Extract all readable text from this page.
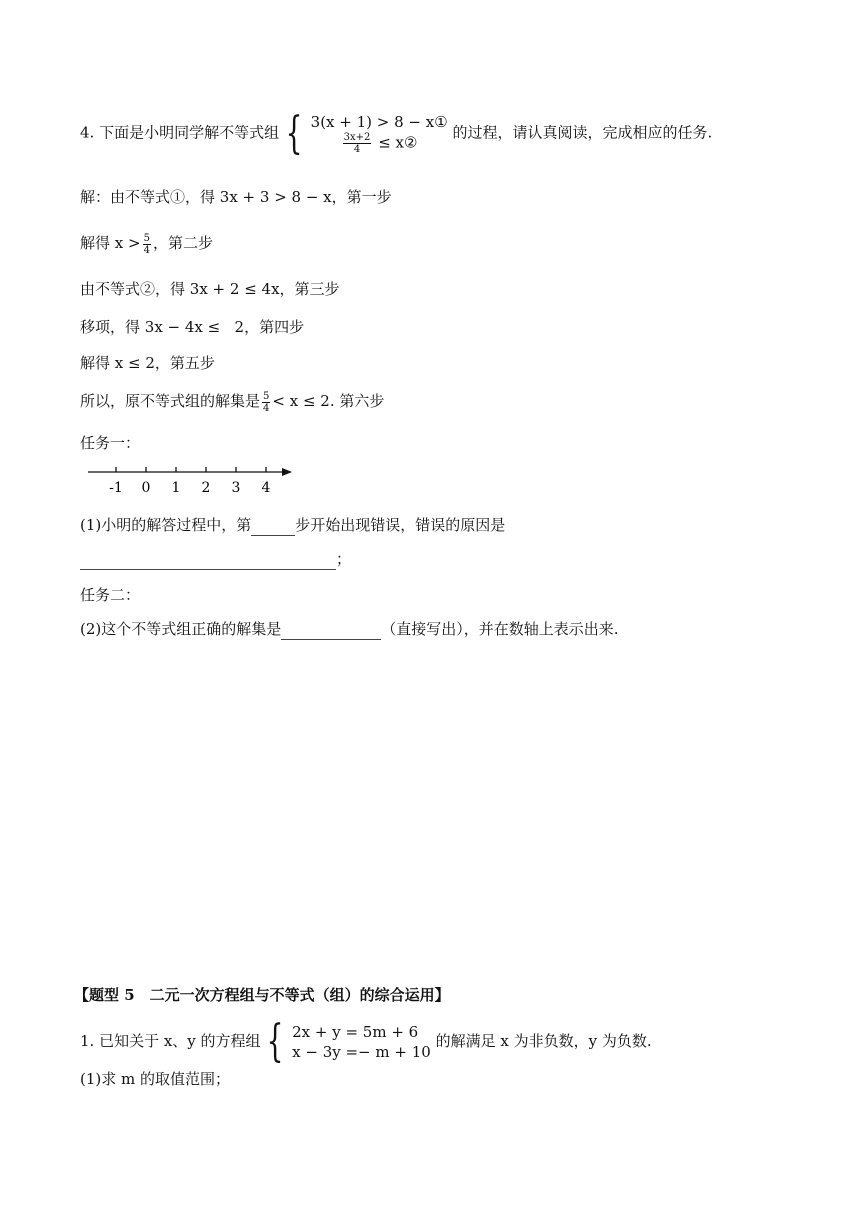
4. 下面是小明同学解不等式组 { 3(x + 1) > 8 − x①
$\frac{3x+2}{4}$ ≤ x②
的过程，请认真阅读，完成相应的任务.
解：由不等式①，得 3x + 3 > 8 − x，第一步
解得 $x > \frac{5}{4}$ ，第二步
由不等式②，得 3x + 2 ≤ 4x，第三步
移项，得 3x − 4x ≤   2，第四步
解得 x ≤ 2，第五步
所以，原不等式组的解集是 $\frac{5}{4} < x \le 2$. 第六步
任务一：
-1 0 1 2 3 4
(1)小明的解答过程中，第	步开始出现错误，错误的原因是
；
任务二：
(2)这个不等式组正确的解集是	（直接写出），并在数轴上表示出来.
【题型 5　二元一次方程组与不等式（组）的综合运用】
1. 已知关于 x、y 的方程组 { 2x + y = 5m + 6
x − 3y =− m + 10
的解满足 x 为非负数，y 为负数.
(1)求 m 的取值范围；
